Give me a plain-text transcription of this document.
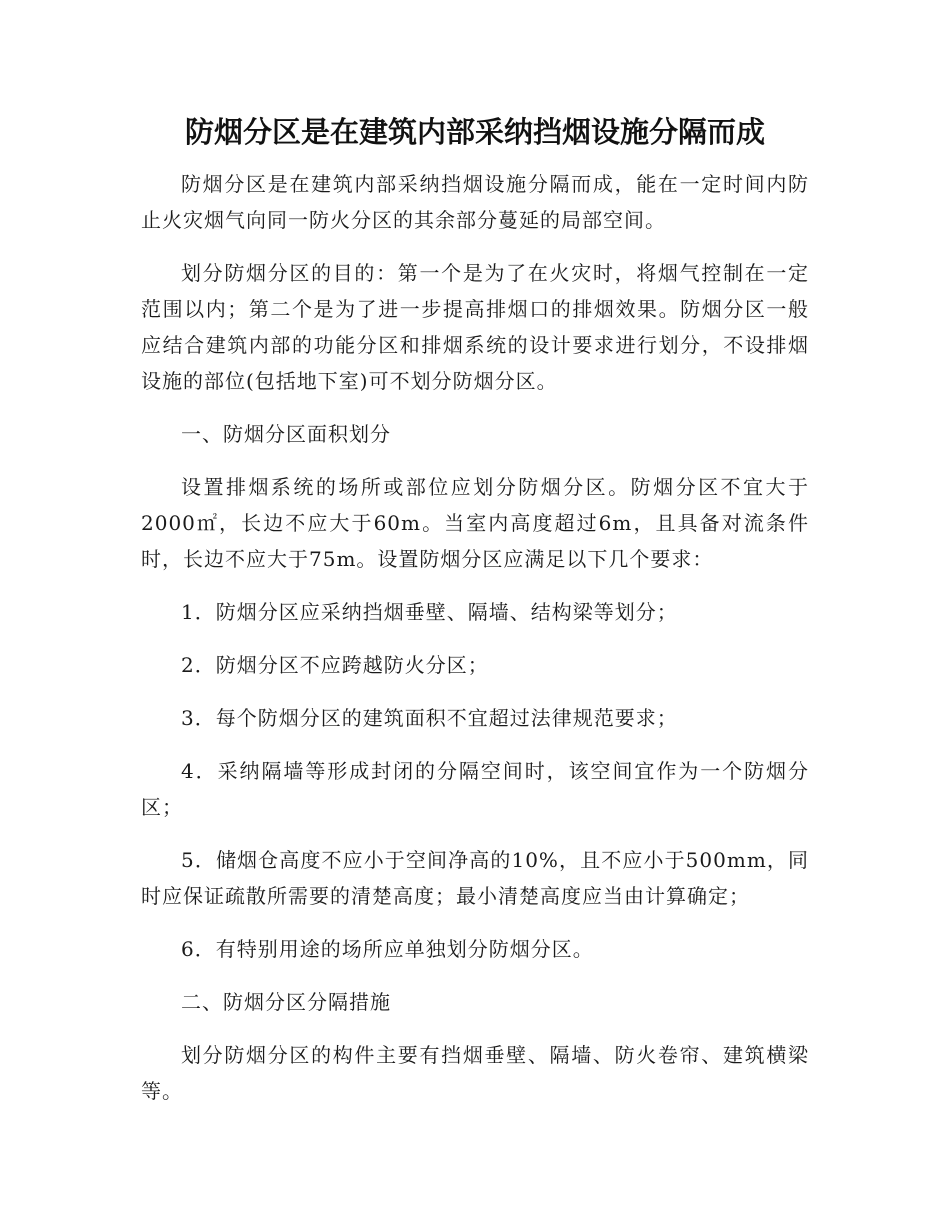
防烟分区是在建筑内部采纳挡烟设施分隔而成

防烟分区是在建筑内部采纳挡烟设施分隔而成，能在一定时间内防止火灾烟气向同一防火分区的其余部分蔓延的局部空间。

划分防烟分区的目的：第一个是为了在火灾时，将烟气控制在一定范围以内；第二个是为了进一步提高排烟口的排烟效果。防烟分区一般应结合建筑内部的功能分区和排烟系统的设计要求进行划分，不设排烟设施的部位(包括地下室)可不划分防烟分区。

一、防烟分区面积划分

设置排烟系统的场所或部位应划分防烟分区。防烟分区不宜大于2000㎡，长边不应大于60m。当室内高度超过6m，且具备对流条件时，长边不应大于75m。设置防烟分区应满足以下几个要求：

1．防烟分区应采纳挡烟垂壁、隔墙、结构梁等划分；

2．防烟分区不应跨越防火分区；

3．每个防烟分区的建筑面积不宜超过法律规范要求；

4．采纳隔墙等形成封闭的分隔空间时，该空间宜作为一个防烟分区；

5．储烟仓高度不应小于空间净高的10%，且不应小于500mm，同时应保证疏散所需要的清楚高度；最小清楚高度应当由计算确定；

6．有特别用途的场所应单独划分防烟分区。

二、防烟分区分隔措施

划分防烟分区的构件主要有挡烟垂壁、隔墙、防火卷帘、建筑横梁等。
